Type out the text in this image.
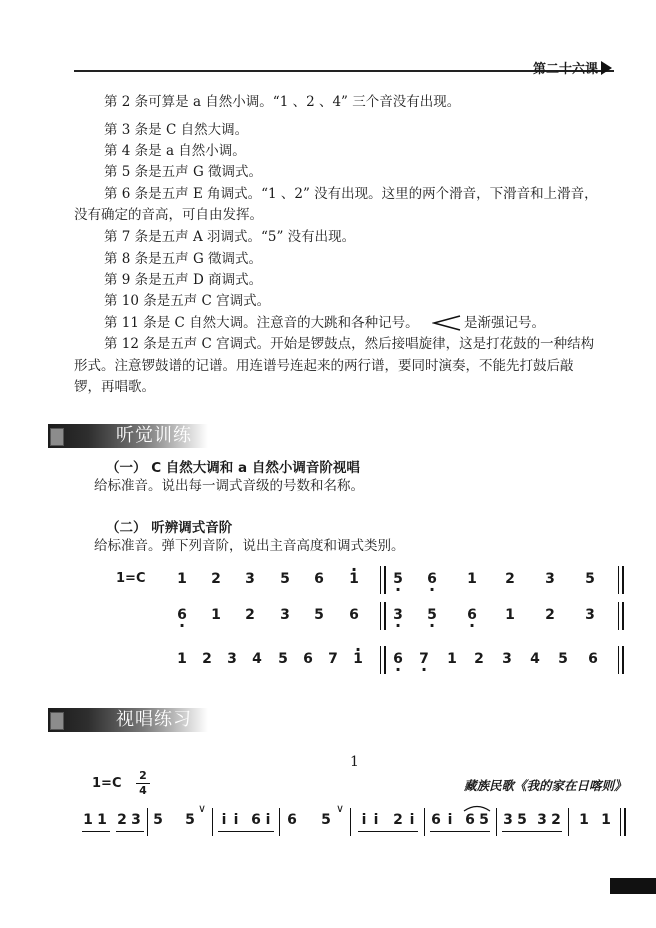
第二十六课
第 2 条可算是 a 自然小调。“1 、2 、4” 三个音没有出现。
第 3 条是 C 自然大调。
第 4 条是 a 自然小调。
第 5 条是五声 G 徵调式。
第 6 条是五声 E 角调式。“1 、2” 没有出现。这里的两个滑音，下滑音和上滑音，
没有确定的音高，可自由发挥。
第 7 条是五声 A 羽调式。“5” 没有出现。
第 8 条是五声 G 徵调式。
第 9 条是五声 D 商调式。
第 10 条是五声 C 宫调式。
第 11 条是 C 自然大调。注意音的大跳和各种记号。	是渐强记号。
第 12 条是五声 C 宫调式。开始是锣鼓点，然后接唱旋律，这是打花鼓的一种结构
形式。注意锣鼓谱的记谱。用连谱号连起来的两行谱，要同时演奏，不能先打鼓后敲
锣，再唱歌。
听觉训练
（一） C 自然大调和 a 自然小调音阶视唱
给标准音。说出每一调式音级的号数和名称。
（二） 听辨调式音阶
给标准音。弹下列音阶，说出主音高度和调式类别。
1=C 1 2 3 5 6 · 1 5 · 6 · 1 2 3 5
6 · 1 2 3 5 6 3 · 5 · 6 · 1 2 3
1 2 3 4 5 6 7 · 1 6 · 7 · 1 2 3 4 5 6
视唱练习
1
1=C
2
4	藏族民歌《我的家在日喀则》
1 1 2 3 5 5
∨
i i 6 i 6 5
∨
i i 2 i 6 i 6 5 3 5 3 2 1 1
